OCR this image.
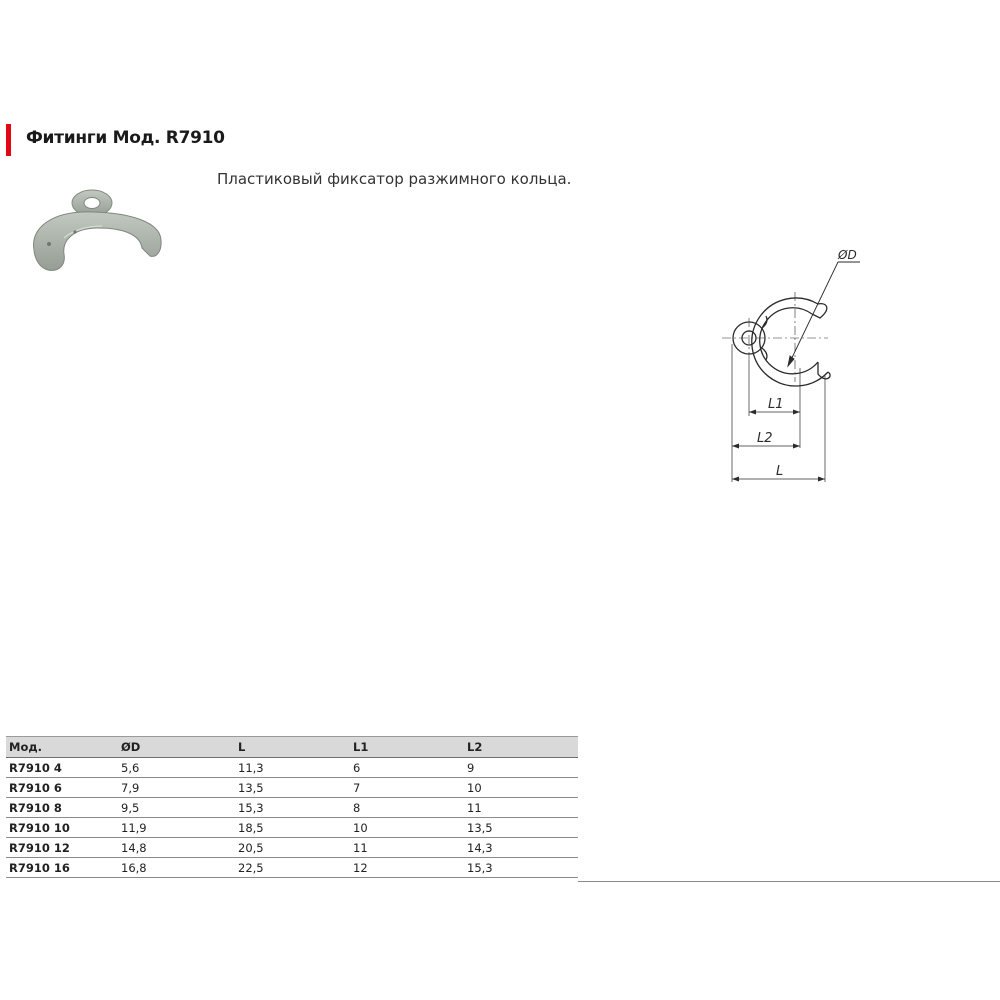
Фитинги Мод. R7910
Пластиковый фиксатор разжимного кольца.
ØD
L1
L2
L
Мод.	ØD	L	L1	L2
R7910 4	5,6	11,3	6	9
R7910 6	7,9	13,5	7	10
R7910 8	9,5	15,3	8	11
R7910 10	11,9	18,5	10	13,5
R7910 12	14,8	20,5	11	14,3
R7910 16	16,8	22,5	12	15,3
